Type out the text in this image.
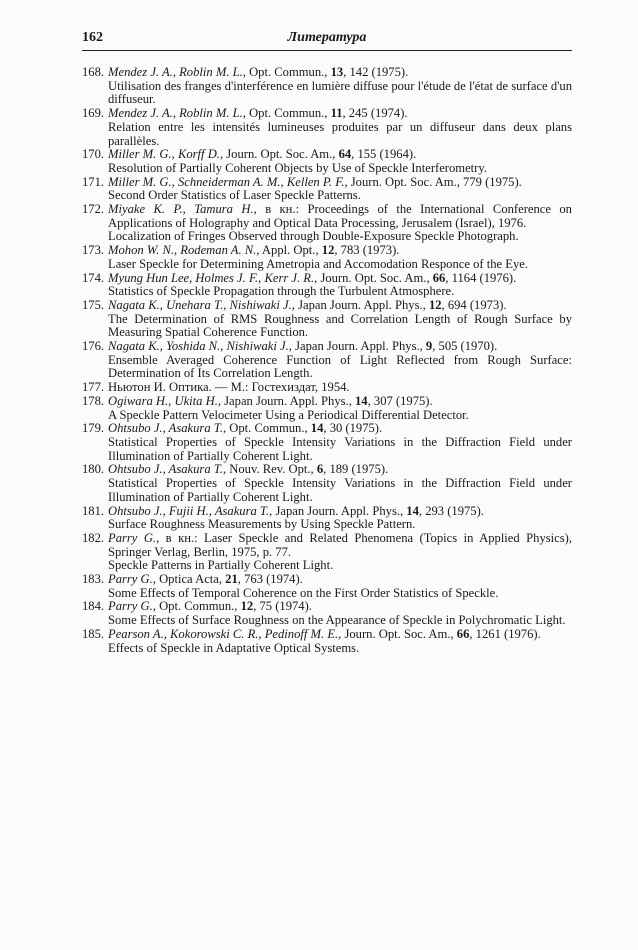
162	Литература
168. Mendez J. A., Roblin M. L., Opt. Commun., 13, 142 (1975).
Utilisation des franges d'interférence en lumière diffuse pour l'étude de l'état de surface d'un diffuseur.
169. Mendez J. A., Roblin M. L., Opt. Commun., 11, 245 (1974).
Relation entre les intensités lumineuses produites par un diffuseur dans deux plans parallèles.
170. Miller M. G., Korff D., Journ. Opt. Soc. Am., 64, 155 (1964).
Resolution of Partially Coherent Objects by Use of Speckle Interferometry.
171. Miller M. G., Schneiderman A. M., Kellen P. F., Journ. Opt. Soc. Am., 779 (1975).
Second Order Statistics of Laser Speckle Patterns.
172. Miyake K. P., Tamura H., в кн.: Proceedings of the International Conference on Applications of Holography and Optical Data Processing, Jerusalem (Israel), 1976.
Localization of Fringes Observed through Double-Exposure Speckle Photograph.
173. Mohon W. N., Rodeman A. N., Appl. Opt., 12, 783 (1973).
Laser Speckle for Determining Ametropia and Accomodation Responce of the Eye.
174. Myung Hun Lee, Holmes J. F., Kerr J. R., Journ. Opt. Soc. Am., 66, 1164 (1976).
Statistics of Speckle Propagation through the Turbulent Atmosphere.
175. Nagata K., Unehara T., Nishiwaki J., Japan Journ. Appl. Phys., 12, 694 (1973).
The Determination of RMS Roughness and Correlation Length of Rough Surface by Measuring Spatial Coherence Function.
176. Nagata K., Yoshida N., Nishiwaki J., Japan Journ. Appl. Phys., 9, 505 (1970).
Ensemble Averaged Coherence Function of Light Reflected from Rough Surface: Determination of Its Correlation Length.
177. Ньютон И. Оптика. — М.: Гостехиздат, 1954.
178. Ogiwara H., Ukita H., Japan Journ. Appl. Phys., 14, 307 (1975).
A Speckle Pattern Velocimeter Using a Periodical Differential Detector.
179. Ohtsubo J., Asakura T., Opt. Commun., 14, 30 (1975).
Statistical Properties of Speckle Intensity Variations in the Diffraction Field under Illumination of Partially Coherent Light.
180. Ohtsubo J., Asakura T., Nouv. Rev. Opt., 6, 189 (1975).
Statistical Properties of Speckle Intensity Variations in the Diffraction Field under Illumination of Partially Coherent Light.
181. Ohtsubo J., Fujii H., Asakura T., Japan Journ. Appl. Phys., 14, 293 (1975).
Surface Roughness Measurements by Using Speckle Pattern.
182. Parry G., в кн.: Laser Speckle and Related Phenomena (Topics in Applied Physics), Springer Verlag, Berlin, 1975, p. 77.
Speckle Patterns in Partially Coherent Light.
183. Parry G., Optica Acta, 21, 763 (1974).
Some Effects of Temporal Coherence on the First Order Statistics of Speckle.
184. Parry G., Opt. Commun., 12, 75 (1974).
Some Effects of Surface Roughness on the Appearance of Speckle in Polychromatic Light.
185. Pearson A., Kokorowski C. R., Pedinoff M. E., Journ. Opt. Soc. Am., 66, 1261 (1976).
Effects of Speckle in Adaptative Optical Systems.
